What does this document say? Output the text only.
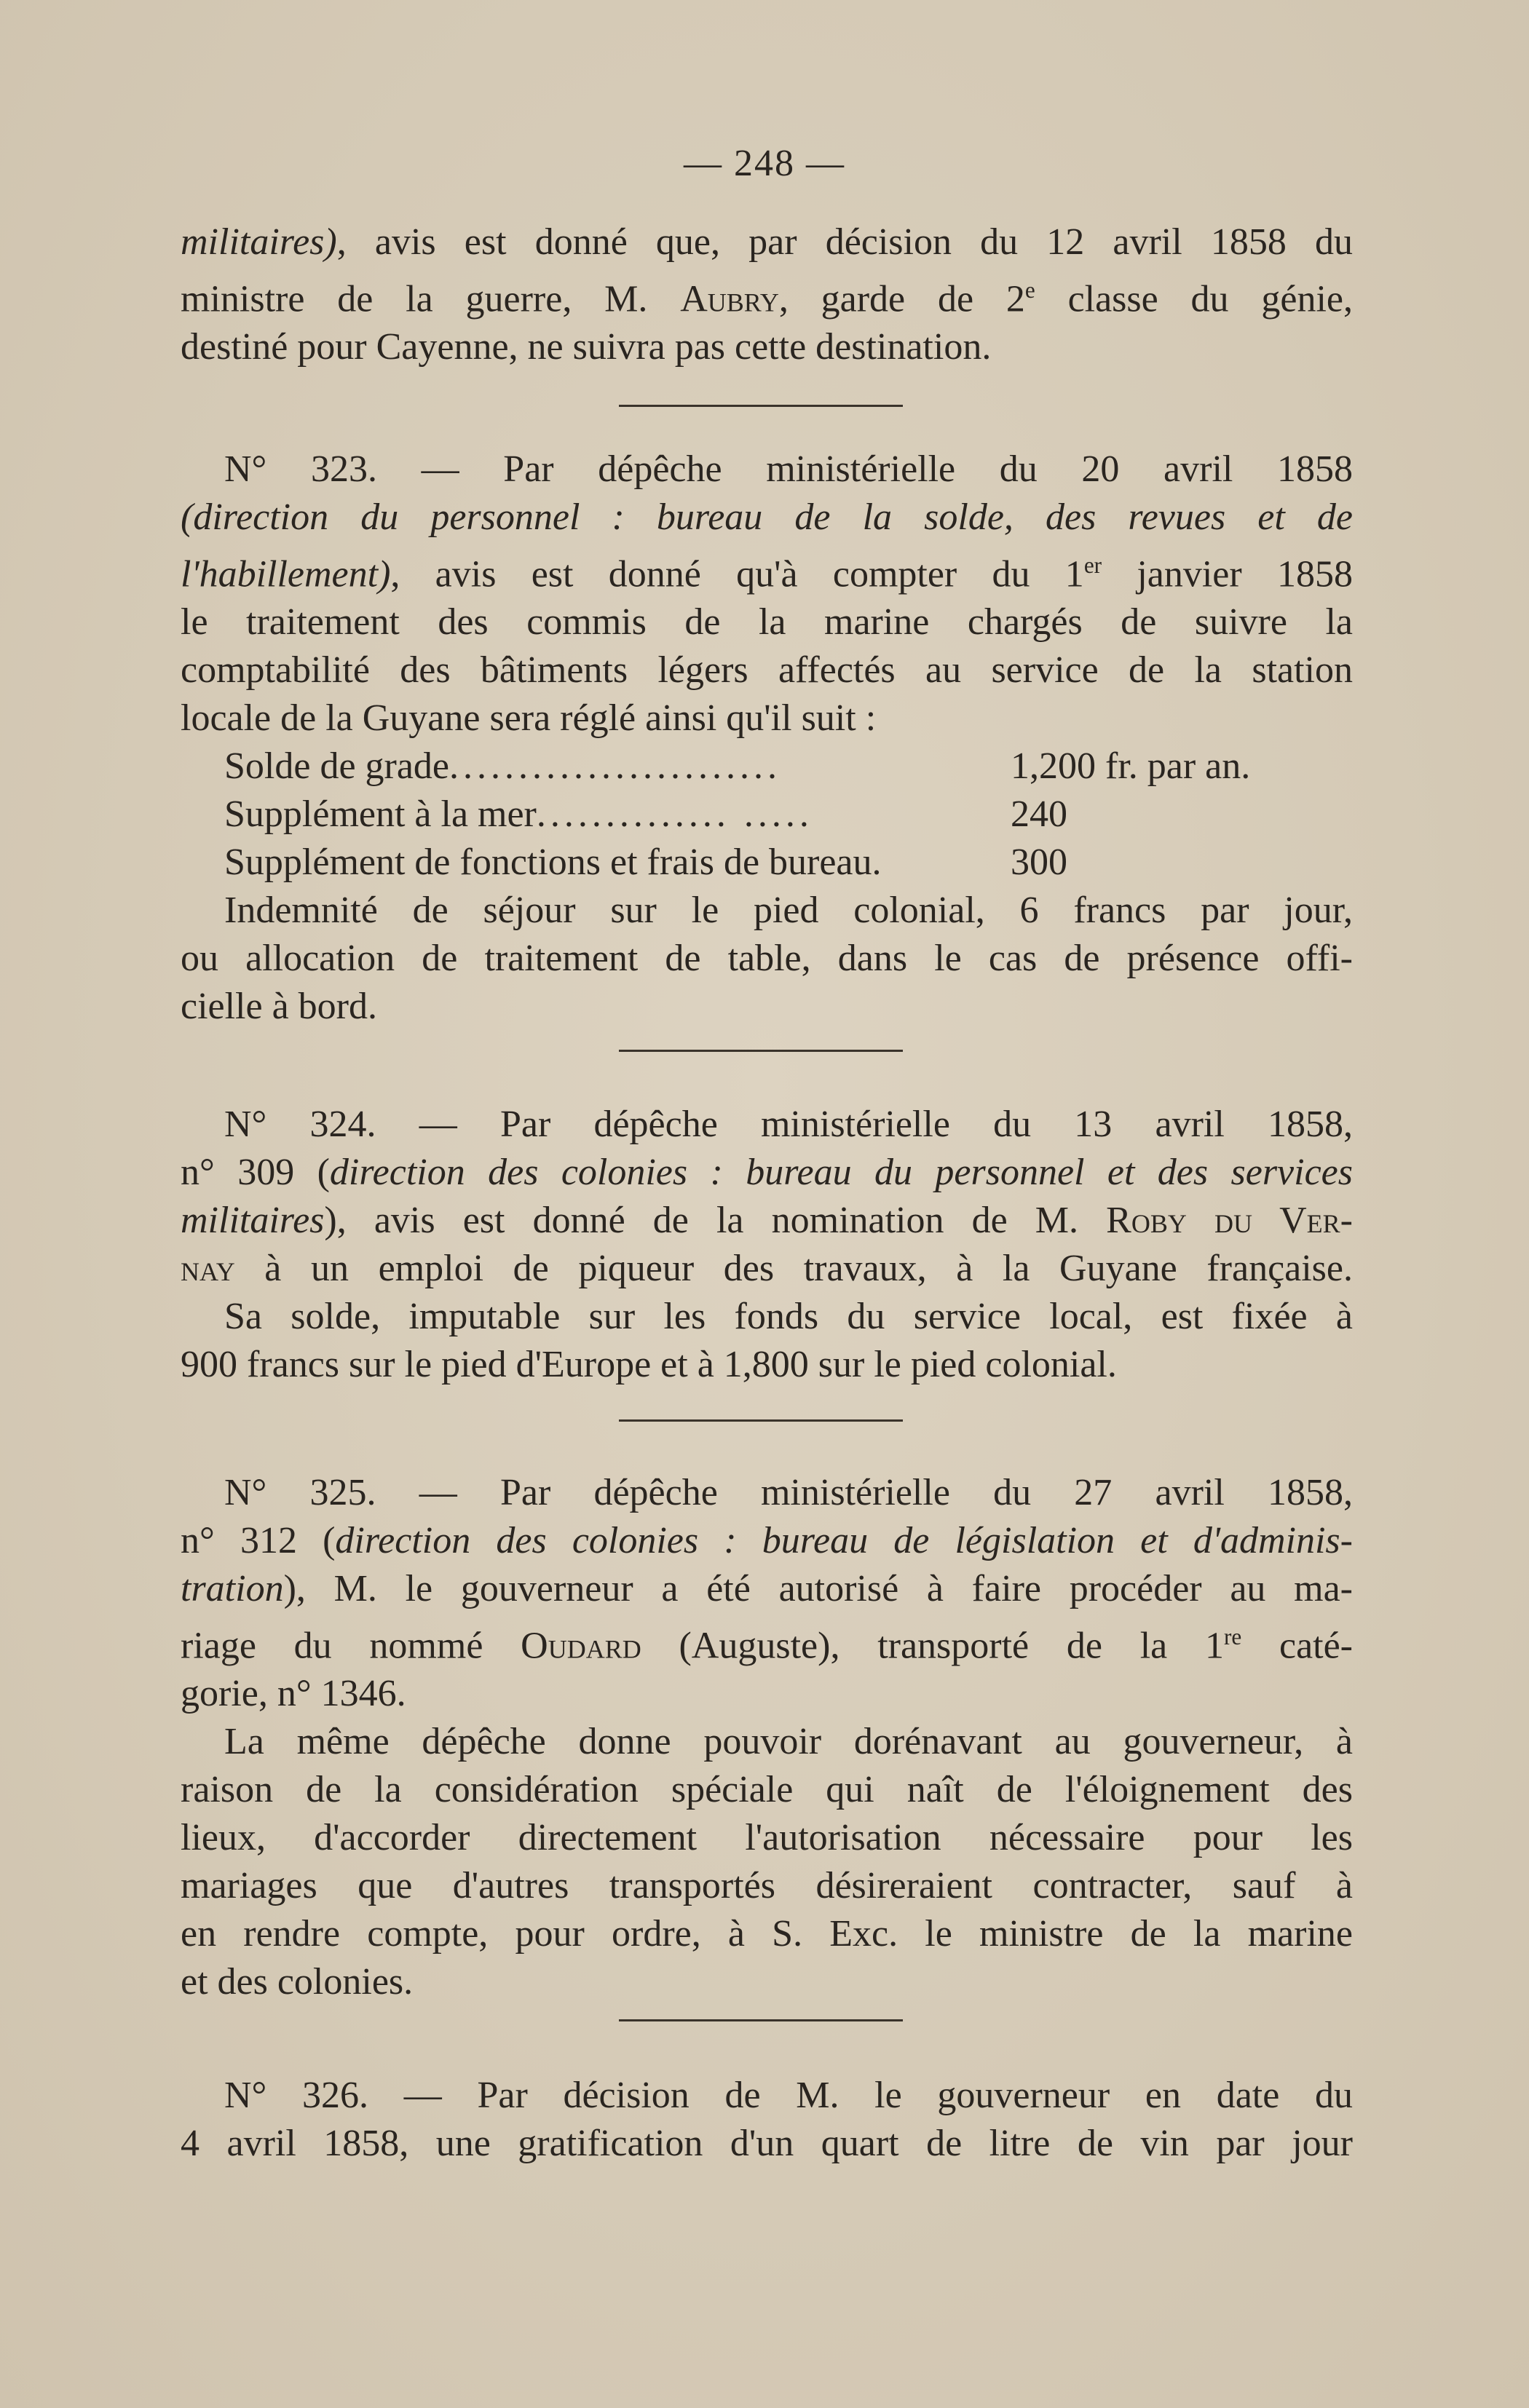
— 248 —
militaires), avis est donné que, par décision du 12 avril 1858 du
ministre de la guerre, M. Aubry, garde de 2e classe du génie,
destiné pour Cayenne, ne suivra pas cette destination.
N° 323. — Par dépêche ministérielle du 20 avril 1858
(direction du personnel : bureau de la solde, des revues et de
l'habillement), avis est donné qu'à compter du 1er janvier 1858
le traitement des commis de la marine chargés de suivre la
comptabilité des bâtiments légers affectés au service de la station
locale de la Guyane sera réglé ainsi qu'il suit :
Solde de grade ........................	1,200 fr. par an.
Supplément à la mer .............. .....	240
Supplément de fonctions et frais de bureau.	300
Indemnité de séjour sur le pied colonial, 6 francs par jour,
ou allocation de traitement de table, dans le cas de présence offi-
cielle à bord.
N° 324. — Par dépêche ministérielle du 13 avril 1858,
n° 309 (direction des colonies : bureau du personnel et des services
militaires), avis est donné de la nomination de M. Roby du Ver-
nay à un emploi de piqueur des travaux, à la Guyane française.
Sa solde, imputable sur les fonds du service local, est fixée à
900 francs sur le pied d'Europe et à 1,800 sur le pied colonial.
N° 325. — Par dépêche ministérielle du 27 avril 1858,
n° 312 (direction des colonies : bureau de législation et d'adminis-
tration), M. le gouverneur a été autorisé à faire procéder au ma-
riage du nommé Oudard (Auguste), transporté de la 1re caté-
gorie, n° 1346.
La même dépêche donne pouvoir dorénavant au gouverneur, à
raison de la considération spéciale qui naît de l'éloignement des
lieux, d'accorder directement l'autorisation nécessaire pour les
mariages que d'autres transportés désireraient contracter, sauf à
en rendre compte, pour ordre, à S. Exc. le ministre de la marine
et des colonies.
N° 326. — Par décision de M. le gouverneur en date du
4 avril 1858, une gratification d'un quart de litre de vin par jour
